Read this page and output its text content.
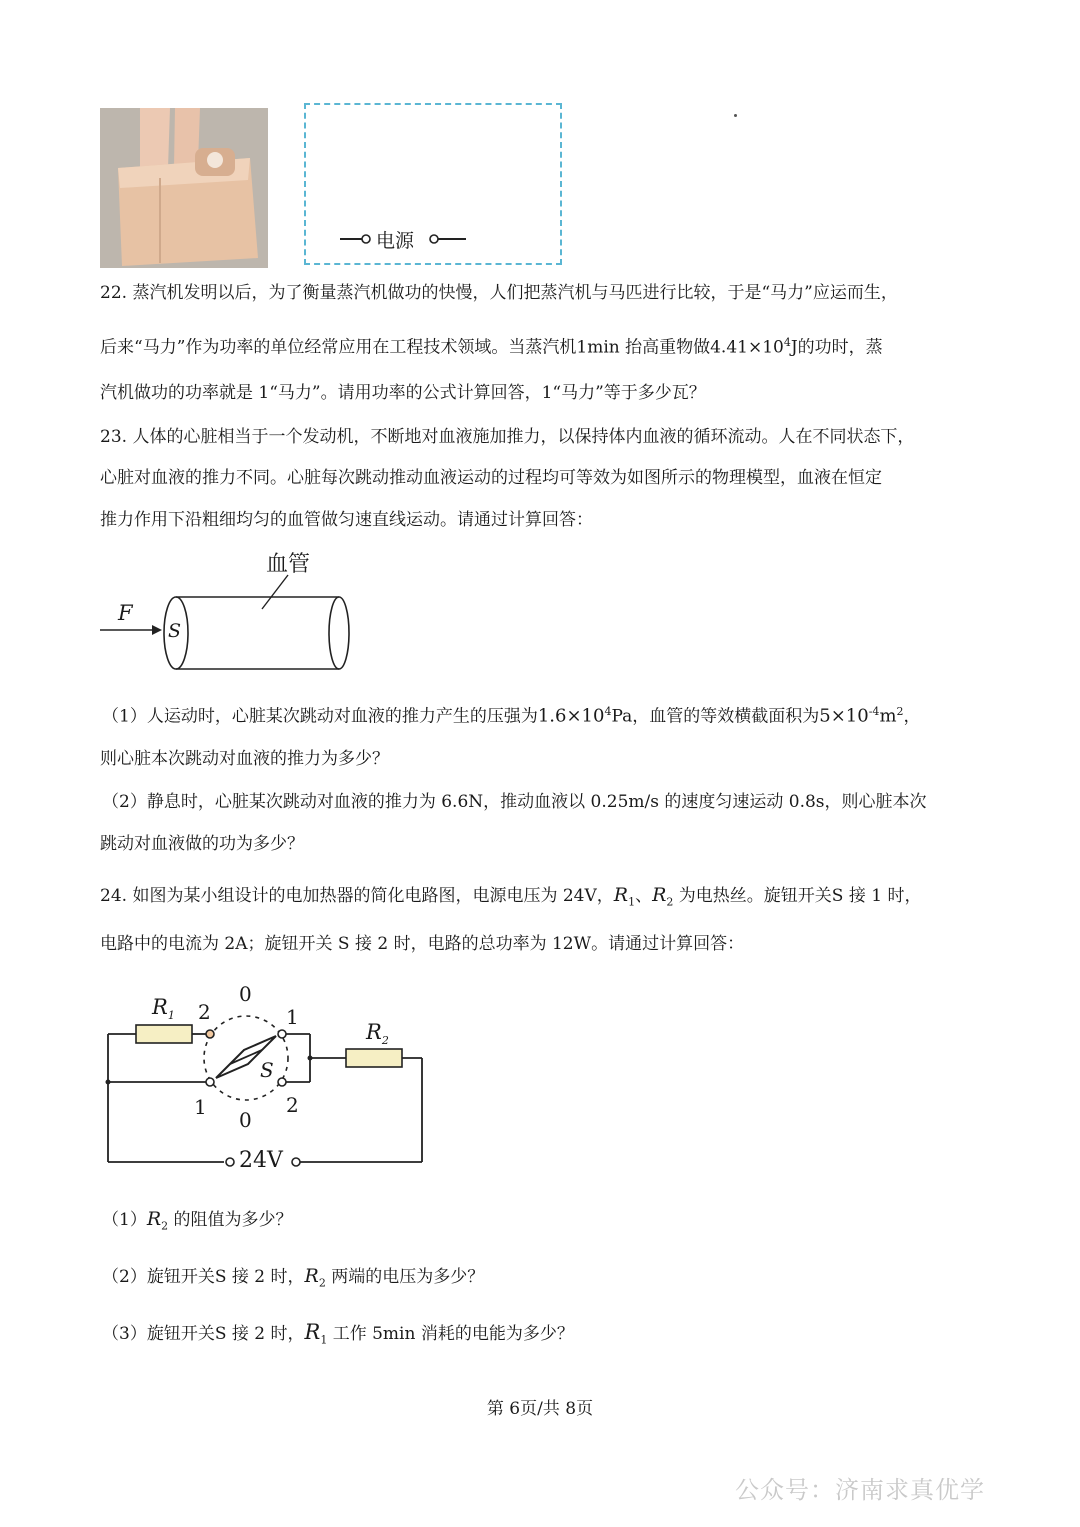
电源
22. 蒸汽机发明以后，为了衡量蒸汽机做功的快慢，人们把蒸汽机与马匹进行比较，于是“马力”应运而生，
后来“马力”作为功率的单位经常应用在工程技术领域。当蒸汽机1min 抬高重物做$4.41\times 10^4J$的功时，蒸
汽机做功的功率就是 1“马力”。请用功率的公式计算回答，1“马力”等于多少瓦？
23. 人体的心脏相当于一个发动机，不断地对血液施加推力，以保持体内血液的循环流动。人在不同状态下，
心脏对血液的推力不同。心脏每次跳动推动血液运动的过程均可等效为如图所示的物理模型，血液在恒定
推力作用下沿粗细均匀的血管做匀速直线运动。请通过计算回答：
血管
F
S
（1）人运动时，心脏某次跳动对血液的推力产生的压强为$1.6\times 10^4Pa$，血管的等效横截面积为$5\times 10^{-4}m^2$，
则心脏本次跳动对血液的推力为多少？
（2）静息时，心脏某次跳动对血液的推力为 6.6N，推动血液以 0.25m/s 的速度匀速运动 0.8s，则心脏本次
跳动对血液做的功为多少？
24. 如图为某小组设计的电加热器的简化电路图，电源电压为 24V，$R_1$、$R_2$ 为电热丝。旋钮开关S 接 1 时，
电路中的电流为 2A；旋钮开关 S 接 2 时，电路的总功率为 12W。请通过计算回答：
$R_1$
$R_2$
0
2	1
S
1
0
2
24V
$(1)R_2$ 的阻值为多少？
（2）旋钮开关S 接 2 时，$R_2$ 两端的电压为多少？
（3）旋钮开关S 接 2 时，$R_1$ 工作 5min 消耗的电能为多少？
第 6页/共 8页
公众号：济南求真优学
